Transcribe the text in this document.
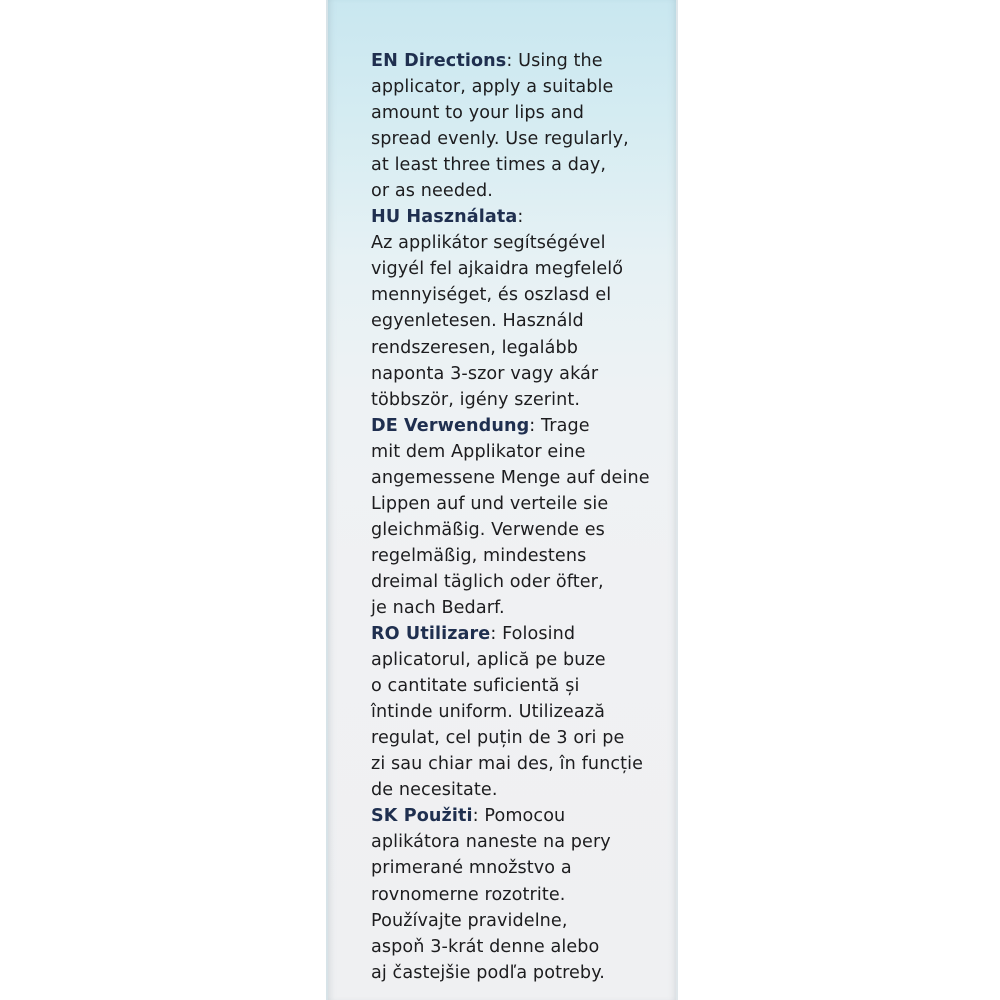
EN Directions: Using the
applicator, apply a suitable
amount to your lips and
spread evenly. Use regularly,
at least three times a day,
or as needed.
HU Használata:
Az applikátor segítségével
vigyél fel ajkaidra megfelelő
mennyiséget, és oszlasd el
egyenletesen. Használd
rendszeresen, legalább
naponta 3-szor vagy akár
többször, igény szerint.
DE Verwendung: Trage
mit dem Applikator eine
angemessene Menge auf deine
Lippen auf und verteile sie
gleichmäßig. Verwende es
regelmäßig, mindestens
dreimal täglich oder öfter,
je nach Bedarf.
RO Utilizare: Folosind
aplicatorul, aplică pe buze
o cantitate suficientă și
întinde uniform. Utilizează
regulat, cel puțin de 3 ori pe
zi sau chiar mai des, în funcție
de necesitate.
SK Použiti: Pomocou
aplikátora naneste na pery
primerané množstvo a
rovnomerne rozotrite.
Používajte pravidelne,
aspoň 3-krát denne alebo
aj častejšie podľa potreby.
